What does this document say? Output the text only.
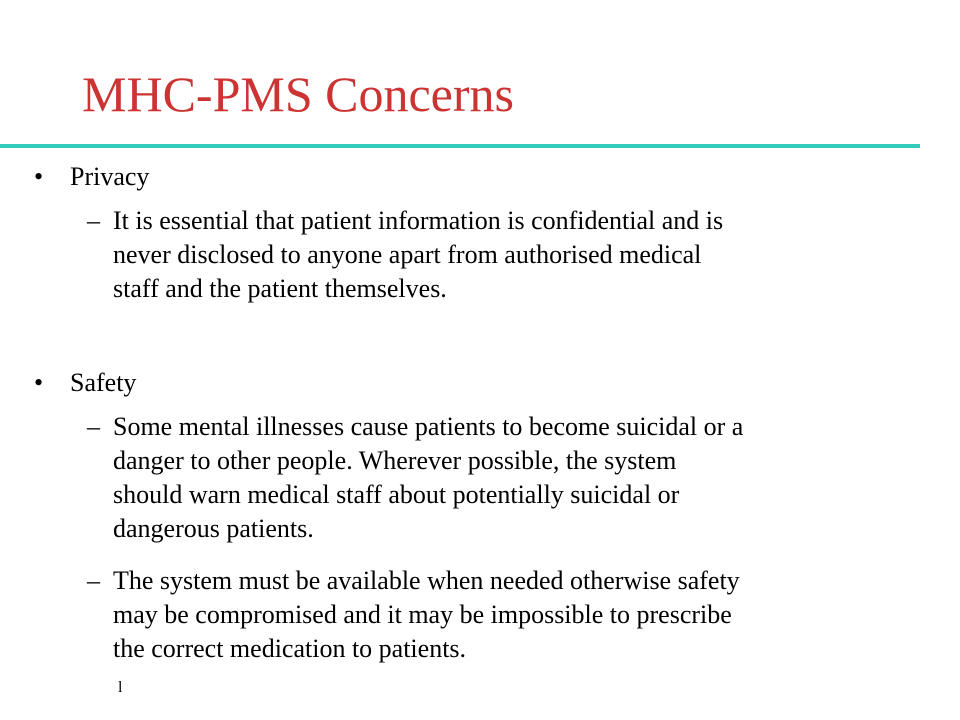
MHC-PMS Concerns
• Privacy
– It is essential that patient information is confidential and is
never disclosed to anyone apart from authorised medical
staff and the patient themselves.
• Safety
– Some mental illnesses cause patients to become suicidal or a
danger to other people. Wherever possible, the system
should warn medical staff about potentially suicidal or
dangerous patients.
– The system must be available when needed otherwise safety
may be compromised and it may be impossible to prescribe
the correct medication to patients.
l
